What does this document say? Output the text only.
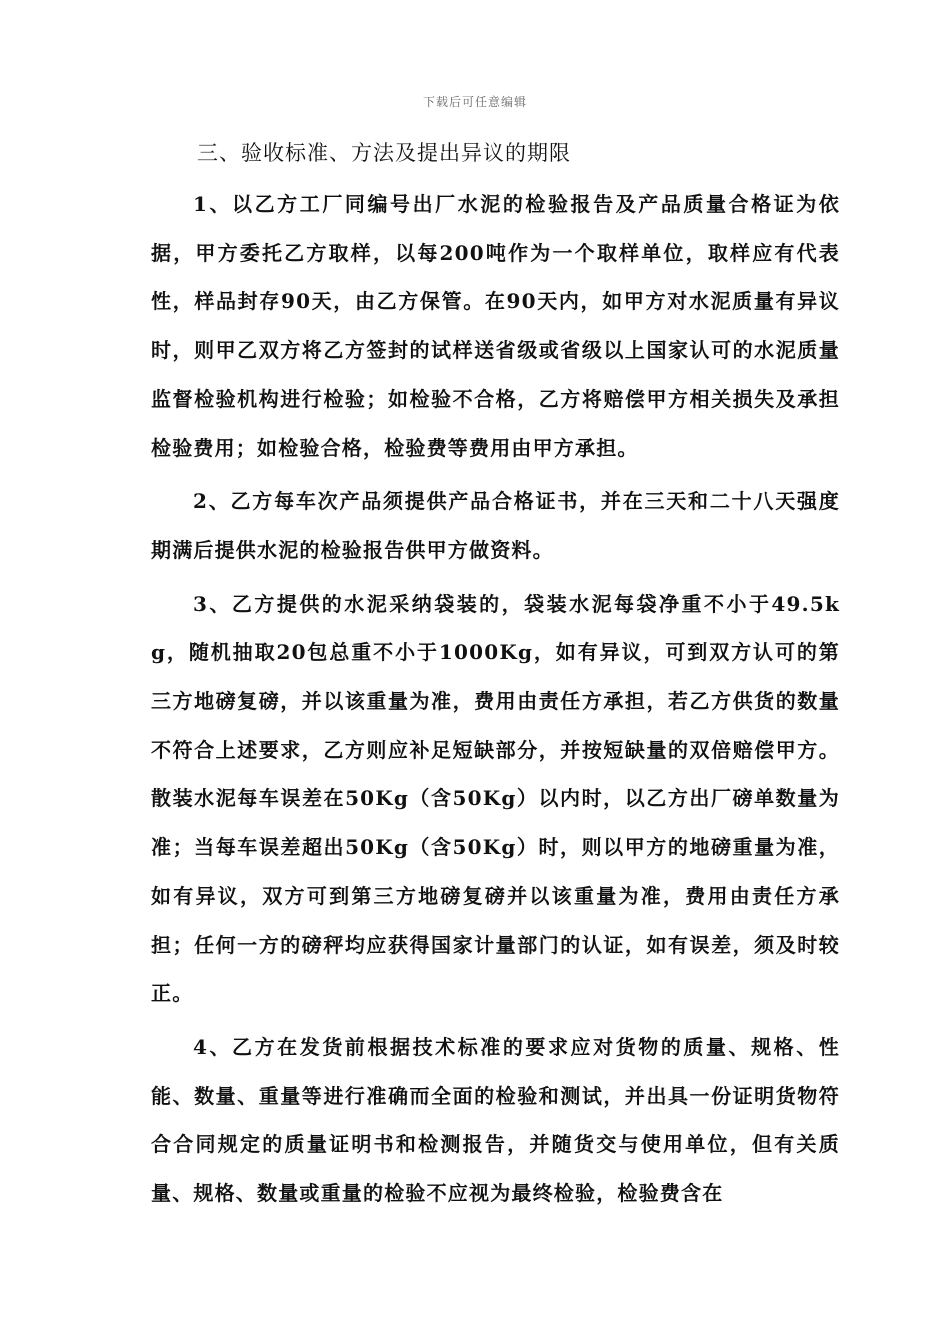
下载后可任意编辑
三、验收标准、方法及提出异议的期限

1、以乙方工厂同编号出厂水泥的检验报告及产品质量合格证为依据，甲方委托乙方取样，以每200吨作为一个取样单位，取样应有代表性，样品封存90天，由乙方保管。在90天内，如甲方对水泥质量有异议时，则甲乙双方将乙方签封的试样送省级或省级以上国家认可的水泥质量监督检验机构进行检验；如检验不合格，乙方将赔偿甲方相关损失及承担检验费用；如检验合格，检验费等费用由甲方承担。

2、乙方每车次产品须提供产品合格证书，并在三天和二十八天强度期满后提供水泥的检验报告供甲方做资料。

3、乙方提供的水泥采纳袋装的，袋装水泥每袋净重不小于49.5kg，随机抽取20包总重不小于1000Kg，如有异议，可到双方认可的第三方地磅复磅，并以该重量为准，费用由责任方承担，若乙方供货的数量不符合上述要求，乙方则应补足短缺部分，并按短缺量的双倍赔偿甲方。散装水泥每车误差在50Kg（含50Kg）以内时，以乙方出厂磅单数量为准；当每车误差超出50Kg（含50Kg）时，则以甲方的地磅重量为准，如有异议，双方可到第三方地磅复磅并以该重量为准，费用由责任方承担；任何一方的磅秤均应获得国家计量部门的认证，如有误差，须及时较正。

4、乙方在发货前根据技术标准的要求应对货物的质量、规格、性能、数量、重量等进行准确而全面的检验和测试，并出具一份证明货物符合合同规定的质量证明书和检测报告，并随货交与使用单位，但有关质量、规格、数量或重量的检验不应视为最终检验，检验费含在
